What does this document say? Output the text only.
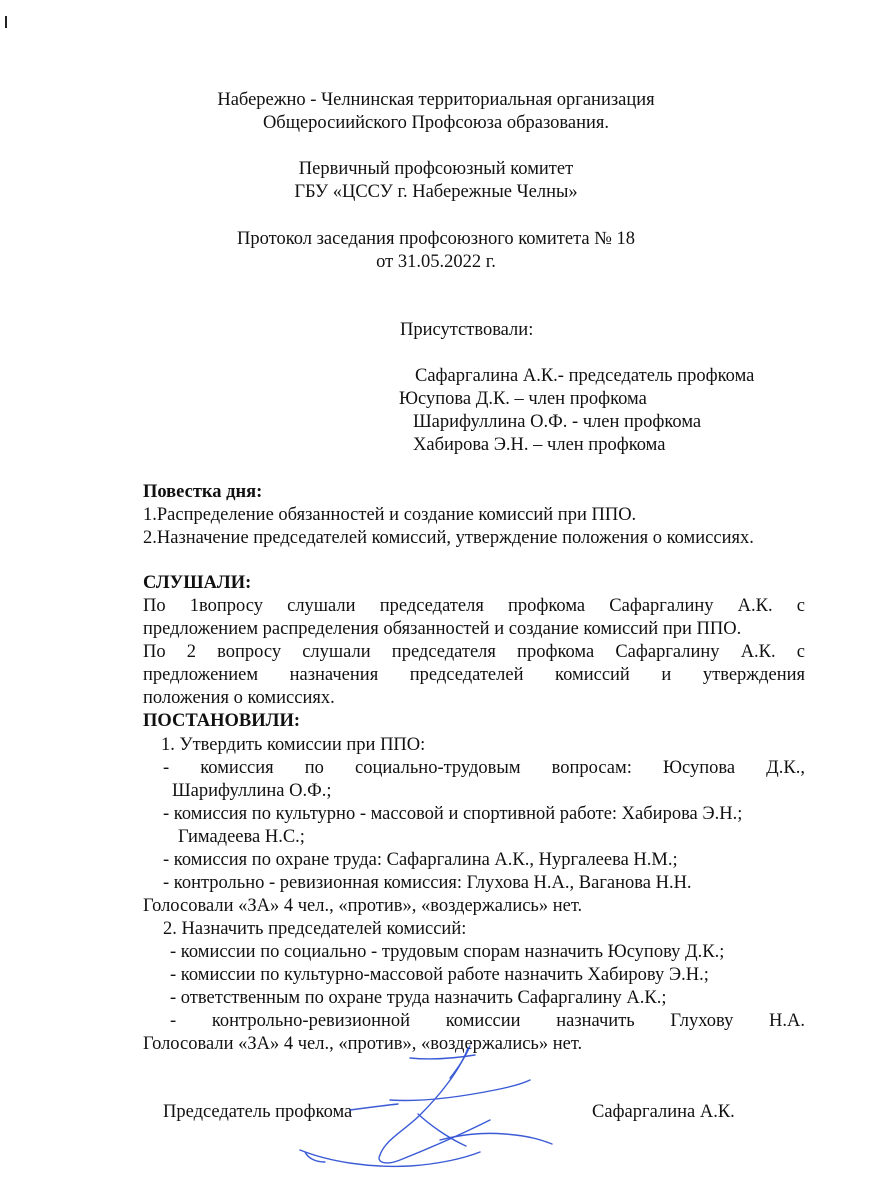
Набережно - Челнинская территориальная организация
Общеросиийского Профсоюза образования.
Первичный профсоюзный комитет
ГБУ «ЦССУ г. Набережные Челны»
Протокол заседания профсоюзного комитета № 18
от 31.05.2022 г.
Присутствовали:
Сафаргалина А.К.- председатель профкома
Юсупова Д.К. – член профкома
Шарифуллина О.Ф. - член профкома
Хабирова Э.Н. – член профкома
Повестка дня:
1.Распределение обязанностей и создание комиссий при ППО.
2.Назначение председателей комиссий, утверждение положения о комиссиях.
СЛУШАЛИ:
По 1вопросу слушали председателя профкома Сафаргалину А.К. с
предложением распределения обязанностей и создание комиссий при ППО.
По 2 вопросу слушали председателя профкома Сафаргалину А.К. с
предложением назначения председателей комиссий и утверждения
положения о комиссиях.
ПОСТАНОВИЛИ:
1. Утвердить комиссии при ППО:
- комиссия по социально-трудовым вопросам: Юсупова Д.К.,
Шарифуллина О.Ф.;
- комиссия по культурно - массовой и спортивной работе: Хабирова Э.Н.;
Гимадеева Н.С.;
- комиссия по охране труда: Сафаргалина А.К., Нургалеева Н.М.;
- контрольно - ревизионная комиссия: Глухова Н.А., Ваганова Н.Н.
Голосовали «ЗА» 4 чел., «против», «воздержались» нет.
2. Назначить председателей комиссий:
- комиссии по социально - трудовым спорам назначить Юсупову Д.К.;
- комиссии по культурно-массовой работе назначить Хабирову Э.Н.;
- ответственным по охране труда назначить Сафаргалину А.К.;
- контрольно-ревизионной комиссии назначить Глухову Н.А.
Голосовали «ЗА» 4 чел., «против», «воздержались» нет.
Председатель профкома	Сафаргалина А.К.
